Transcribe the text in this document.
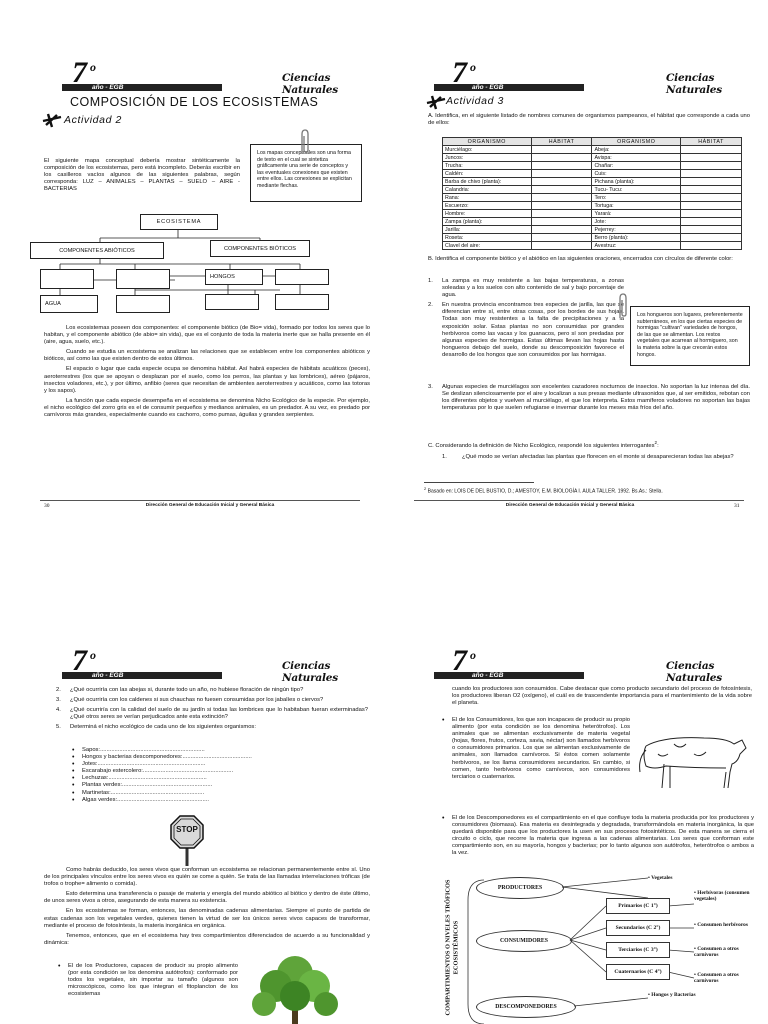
7 o
año - EGB
Ciencias Naturales
COMPOSICIÓN DE LOS ECOSISTEMAS
Actividad 2
Los mapas conceptuales son una forma de texto en el cual se sintetiza gráficamente una serie de conceptos y las eventuales conexiones que existen entre ellos. Las conexiones se explicitan mediante flechas.
El siguiente mapa conceptual debería mostrar sintéticamente la composición de los ecosistemas, pero está incompleto. Deberás escribir en los casilleros vacíos algunos de las siguientes palabras, según corresponda: LUZ – ANIMALES – PLANTAS – SUELO – AIRE - BACTERIAS
ECOSISTEMA
COMPONENTES ABIÓTICOS	COMPONENTES BIÓTICOS
HONGOS
AGUA

Los ecosistemas poseen dos componentes: el componente biótico (de Bio= vida), formado por todos los seres que lo habitan, y el componente abiótico (de abio= sin vida), que es el conjunto de toda la materia inerte que se halla presente en él (aire, agua, suelo, etc.).

Cuando se estudia un ecosistema se analizan las relaciones que se establecen entre los componentes abióticos y bióticos, así como las que existen dentro de estos últimos.

El espacio o lugar que cada especie ocupa se denomina hábitat. Así habrá especies de hábitats acuáticos (peces), aeroterrestres (los que se apoyan o desplazan por el suelo, como los perros, las plantas y las lombrices), aéreo (pájaros, insectos voladores, etc.), y por último, anfibio (seres que necesitan de ambientes aeroterrestres y acuáticos, como las totoras y los sapos).

La función que cada especie desempeña en el ecosistema se denomina Nicho Ecológico de la especie. Por ejemplo, el nicho ecológico del zorro gris es el de consumir pequeños y medianos animales, es un predador. A su vez, es predado por carnívoros más grandes, especialmente cuando es cachorro, como pumas, águilas y grandes serpientes.

30	Dirección General de Educación Inicial y General Básica
7 o
año - EGB
Ciencias Naturales
Actividad 3
A. Identifica, en el siguiente listado de nombres comunes de organismos pampeanos, el hábitat que corresponde a cada uno de ellos:
ORGANISMO	HÁBITAT	ORGANISMO	HÁBITAT
Murciélago:		Abeja:	
Juncos:		Avispa:	
Trucha:		Chañar:	
Caldén:		Cuis:	
Barba de chivo (planta):		Pichana (planta):	
Calandria:		Tucu- Tucu:	
Rana:		Tero:	
Escuerzo:		Tortuga:	
Hombre:		Yarará:	
Zampa (planta):		Jote:	
Jarilla:		Pejerrey:	
Roseta:		Berro (planta):	
Clavel del aire:		Avestruz:	
B. Identifica el componente biótico y el abiótico en las siguientes oraciones, encerrados con círculos de diferente color:
1.	La zampa es muy resistente a las bajas temperaturas, a zonas soleadas y a los suelos con alto contenido de sal y bajo porcentaje de agua.
2.	En nuestra provincia encontramos tres especies de jarilla, las que se diferencian entre sí, entre otras cosas, por los bordes de sus hojas. Todas son muy resistentes a la falta de precipitaciones y a la exposición solar. Estas plantas no son consumidas por grandes herbívoros como las vacas y los guanacos, pero sí son predadas por algunas especies de hormigas. Estas últimas llevan las hojas hasta hongueros debajo del suelo, donde su descomposición favorece el desarrollo de los hongos que son consumidos por las hormigas.
3.	Algunas especies de murciélagos son excelentes cazadores nocturnos de insectos. No soportan la luz intensa del día. Se deslizan silenciosamente por el aire y localizan a sus presas mediante ultrasonidos que, al ser emitidos, rebotan con los diferentes objetos y vuelven al murciélago, el que los interpreta. Estos mamíferos voladores no soportan las bajas temperaturas por lo que suelen refugiarse e invernar durante los meses más fríos del año.
Los hongueros son lugares, preferentemente subterráneos, en los que ciertas especies de hormigas "cultivan" variedades de hongos, de las que se alimentan. Los restos vegetales que acarrean al hormiguero, son la materia sobre la que crecerán estos hongos.
C. Considerando la definición de Nicho Ecológico, respondé los siguientes interrogantes$^2$:
1.	¿Qué modo se verían afectadas las plantas que florecen en el monte si desaparecieran todas las abejas?
$^2$ Basado en: LOIS DE DEL BUSTIO, D.; AMESTOY, E.M. BIOLOGÍA I. AULA TALLER. 1992. Bs.As.: Stella.
Dirección General de Educación Inicial y General Básica	31
7 o
año - EGB
Ciencias Naturales
2.	¿Qué ocurriría con las abejas si, durante todo un año, no hubiese floración de ningún tipo?
3.	¿Qué ocurriría con los caldenes si sus chauchas no fuesen consumidas por los jabalíes o ciervos?
4.	¿Qué ocurriría con la calidad del suelo de su jardín si todas las lombrices que lo habitaban fueran exterminadas? ¿Qué otros seres se verían perjudicados ante esta extinción?
5.	Determiná el nicho ecológico de cada uno de los siguientes organismos:
• Sapos:.................................................................
• Hongos y bacterias descomponedores:...........................................
• Jotes:...................................................................
• Escarabajo estercolero:........................................................
• Lechuzas:.............................................................
• Plantas verdes:........................................................
• Martinetas:..........................................................
• Algas verdes:.........................................................
STOP

Como habrás deducido, los seres vivos que conforman un ecosistema se relacionan permanentemente entre sí. Uno de los principales vínculos entre los seres vivos es quién se come a quién. Se trata de las llamadas interrelaciones tróficas (de trofos o trophe= alimento o comida).

Esto determina una transferencia o pasaje de materia y energía del mundo abiótico al biótico y dentro de éste último, de unos seres vivos a otros, asegurando de esta manera su existencia.

En los ecosistemas se forman, entonces, las denominadas cadenas alimentarias. Siempre el punto de partida de estas cadenas son los vegetales verdes, quienes tienen la virtud de ser los únicos seres vivos capaces de transformar, mediante el proceso de fotosíntesis, la materia inorgánica en orgánica.

Tenemos, entonces, que en el ecosistema hay tres compartimientos diferenciados de acuerdo a su funcionalidad y dinámica:

• El de los Productores, capaces de producir su propio alimento (por esta condición se los denomina autótrofos): conformado por todos los vegetales, sin importar su tamaño (algunos son microscópicos, como los que integran el fitoplancton de los ecosistemas
7 o
año - EGB
Ciencias Naturales
cuando los productores son consumidos. Cabe destacar que como producto secundario del proceso de fotosíntesis, los productores liberan O2 (oxígeno), el cuál es de trascendente importancia para el mantenimiento de la vida sobre el planeta.
• El de los Consumidores, los que son incapaces de producir su propio alimento (por esta condición se los denomina heterótrofos). Los animales que se alimentan exclusivamente de materia vegetal (hojas, flores, frutos, corteza, savia, néctar) son llamados herbívoros o consumidores primarios. Los que se alimentan exclusivamente de animales, son llamados carnívoros. Si éstos comen solamente herbívoros, se los llama consumidores secundarios. En cambio, si comen, tanto herbívoros como carnívoros, son consumidores terciarios o cuaternarios.
• El de los Descomponedores es el compartimiento en el que confluye toda la materia producida por los productores y consumidores (biomasa). Esa materia es desintegrada y degradada, transformándola en materia inorgánica, la que quedará disponible para que los productores la usen en sus procesos fotosintéticos. De esta manera se cierra el circuito o ciclo, que recorre la materia que ingresa a las cadenas alimentarias. Los seres que conforman este compartimiento son, en su mayoría, hongos y bacterias; por lo tanto algunos son autótrofos, heterótrofos o ambos a la vez.
COMPARTIMIENTOS O NIVELES TRÓFICOS ECOSISTÉMICOS
PRODUCTORES
CONSUMIDORES
DESCOMPONEDORES
Primarios (C 1°)
Secundarios (C 2°)
Terciarios (C 3°)
Cuaternarios (C 4°)
• Vegetales
• Herbívoras (consumen vegetales)
• Consumen herbívoros
• Consumen a otros carnívoros
• Consumen a otros carnívoros
• Hongos y Bacterias
